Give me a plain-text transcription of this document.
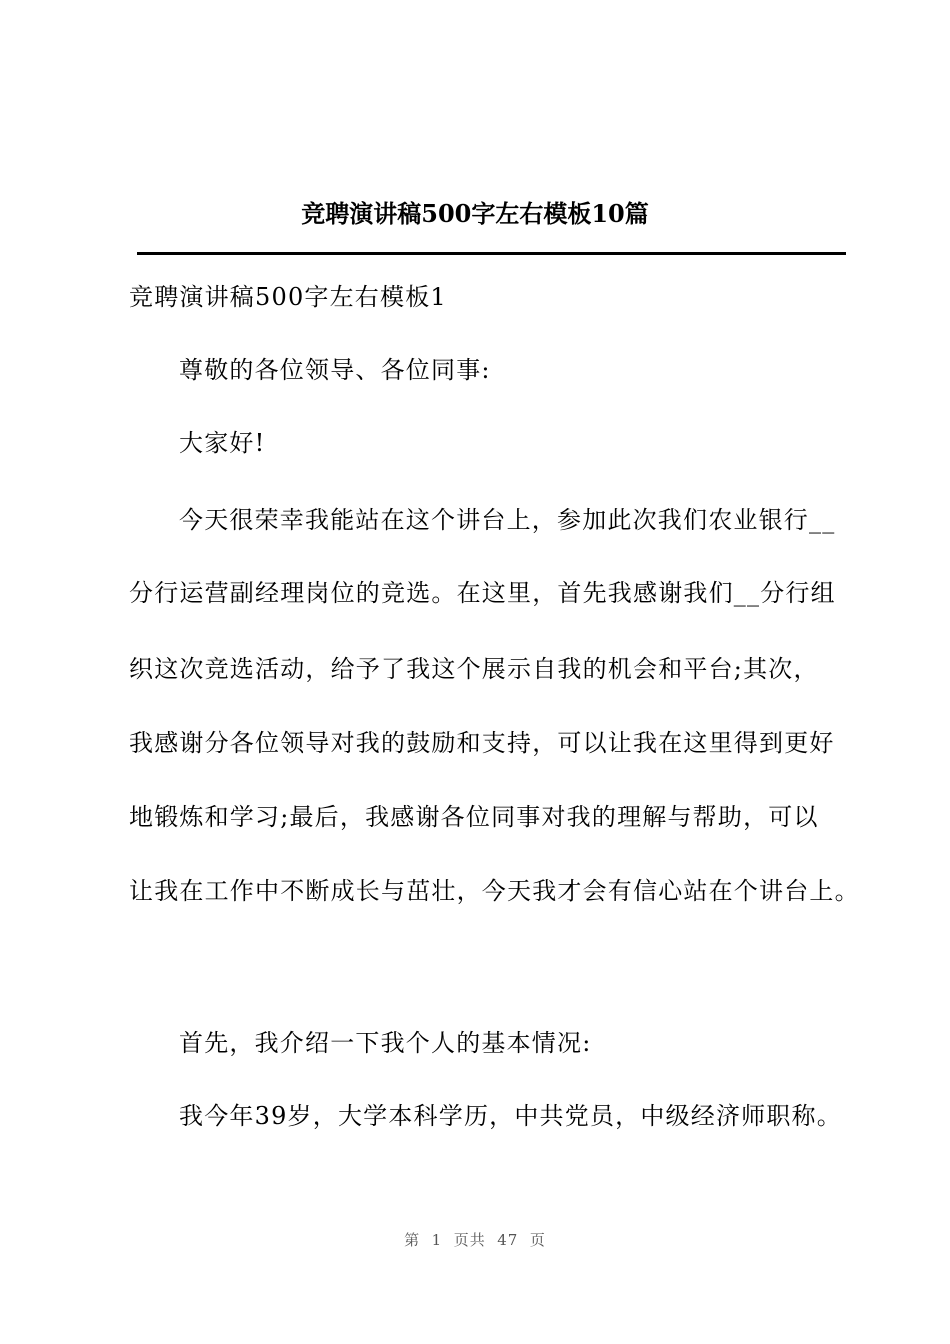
竞聘演讲稿500字左右模板10篇
竞聘演讲稿500字左右模板1
尊敬的各位领导、各位同事:
大家好!
今天很荣幸我能站在这个讲台上，参加此次我们农业银行__
分行运营副经理岗位的竞选。在这里，首先我感谢我们__分行组
织这次竞选活动，给予了我这个展示自我的机会和平台;其次，
我感谢分各位领导对我的鼓励和支持，可以让我在这里得到更好
地锻炼和学习;最后，我感谢各位同事对我的理解与帮助，可以
让我在工作中不断成长与茁壮，今天我才会有信心站在个讲台上。
首先，我介绍一下我个人的基本情况:
我今年39岁，大学本科学历，中共党员，中级经济师职称。
第  1  页共  47  页
